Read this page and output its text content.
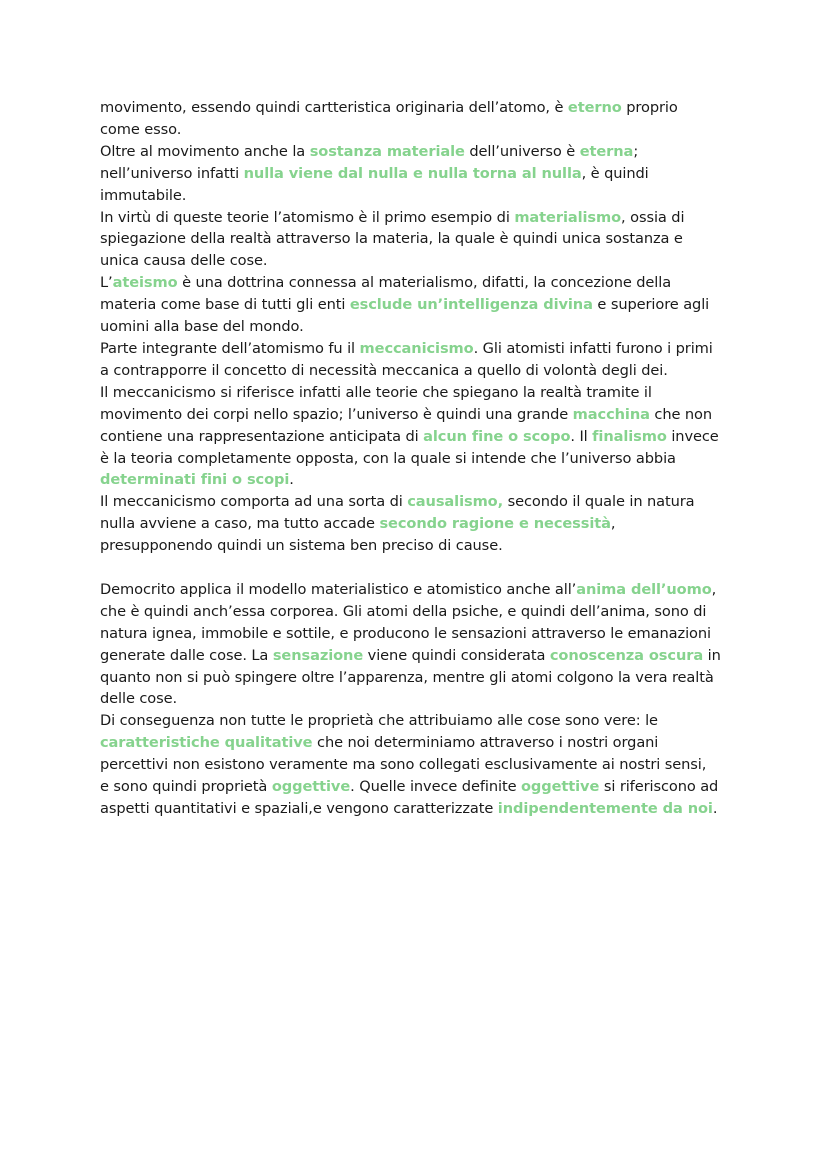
movimento, essendo quindi cartteristica originaria dell’atomo, è eterno proprio
come esso.
Oltre al movimento anche la sostanza materiale dell’universo è eterna;
nell’universo infatti nulla viene dal nulla e nulla torna al nulla, è quindi
immutabile.
In virtù di queste teorie l’atomismo è il primo esempio di materialismo, ossia di
spiegazione della realtà attraverso la materia, la quale è quindi unica sostanza e
unica causa delle cose.
L’ateismo è una dottrina connessa al materialismo, difatti, la concezione della
materia come base di tutti gli enti esclude un’intelligenza divina e superiore agli
uomini alla base del mondo.
Parte integrante dell’atomismo fu il meccanicismo. Gli atomisti infatti furono i primi
a contrapporre il concetto di necessità meccanica a quello di volontà degli dei.
Il meccanicismo si riferisce infatti alle teorie che spiegano la realtà tramite il
movimento dei corpi nello spazio; l’universo è quindi una grande macchina che non
contiene una rappresentazione anticipata di alcun fine o scopo. Il finalismo invece
è la teoria completamente opposta, con la quale si intende che l’universo abbia
determinati fini o scopi.
Il meccanicismo comporta ad una sorta di causalismo, secondo il quale in natura
nulla avviene a caso, ma tutto accade secondo ragione e necessità,
presupponendo quindi un sistema ben preciso di cause.
Democrito applica il modello materialistico e atomistico anche all’anima dell’uomo,
che è quindi anch’essa corporea. Gli atomi della psiche, e quindi dell’anima, sono di
natura ignea, immobile e sottile, e producono le sensazioni attraverso le emanazioni
generate dalle cose. La sensazione viene quindi considerata conoscenza oscura in
quanto non si può spingere oltre l’apparenza, mentre gli atomi colgono la vera realtà
delle cose.
Di conseguenza non tutte le proprietà che attribuiamo alle cose sono vere: le
caratteristiche qualitative che noi determiniamo attraverso i nostri organi
percettivi non esistono veramente ma sono collegati esclusivamente ai nostri sensi,
e sono quindi proprietà oggettive. Quelle invece definite oggettive si riferiscono ad
aspetti quantitativi e spaziali,e vengono caratterizzate indipendentemente da noi.
